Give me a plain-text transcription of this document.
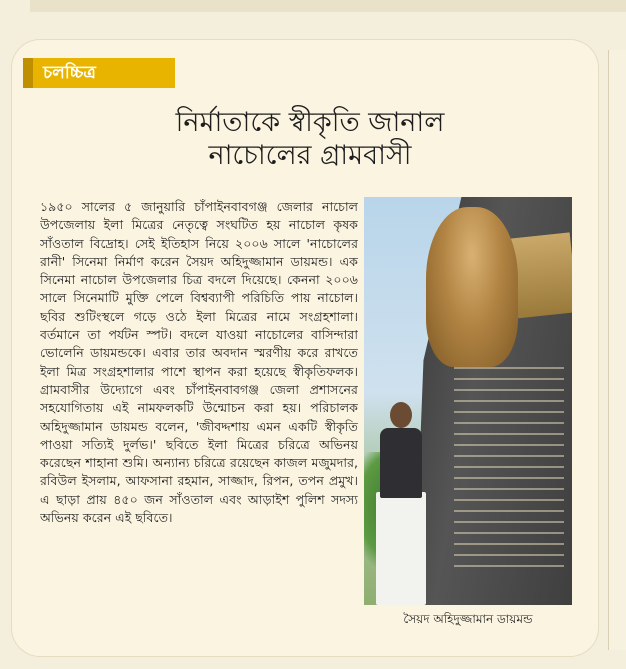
চলচ্চিত্র
নির্মাতাকে স্বীকৃতি জানাল
নাচোলের গ্রামবাসী
১৯৫০ সালের ৫ জানুয়ারি চাঁপাইনবাবগঞ্জ জেলার নাচোল উপজেলায় ইলা মিত্রের নেতৃত্বে সংঘটিত হয় নাচোল কৃষক সাঁওতাল বিদ্রোহ। সেই ইতিহাস নিয়ে ২০০৬ সালে 'নাচোলের রানী' সিনেমা নির্মাণ করেন সৈয়দ অহিদুজ্জামান ডায়মন্ড। এক সিনেমা নাচোল উপজেলার চিত্র বদলে দিয়েছে। কেননা ২০০৬ সালে সিনেমাটি মুক্তি পেলে বিশ্বব্যাপী পরিচিতি পায় নাচোল। ছবির শুটিংস্থলে গড়ে ওঠে ইলা মিত্রের নামে সংগ্রহশালা। বর্তমানে তা পর্যটন স্পট। বদলে যাওয়া নাচোলের বাসিন্দারা ভোলেনি ডায়মন্ডকে। এবার তার অবদান স্মরণীয় করে রাখতে ইলা মিত্র সংগ্রহশালার পাশে স্থাপন করা হয়েছে স্বীকৃতিফলক। গ্রামবাসীর উদ্যোগে এবং চাঁপাইনবাবগঞ্জ জেলা প্রশাসনের সহযোগিতায় এই নামফলকটি উন্মোচন করা হয়। পরিচালক অহিদুজ্জামান ডায়মন্ড বলেন, 'জীবদ্দশায় এমন একটি স্বীকৃতি পাওয়া সত্যিই দুর্লভ।' ছবিতে ইলা মিত্রের চরিত্রে অভিনয় করেছেন শাহানা শুমি। অন্যান্য চরিত্রে রয়েছেন কাজল মজুমদার, রবিউল ইসলাম, আফসানা রহমান, সাজ্জাদ, রিপন, তপন প্রমুখ। এ ছাড়া প্রায় ৪৫০ জন সাঁওতাল এবং আড়াইশ পুলিশ সদস্য অভিনয় করেন এই ছবিতে।
সৈয়দ অহিদুজ্জামান ডায়মন্ড
